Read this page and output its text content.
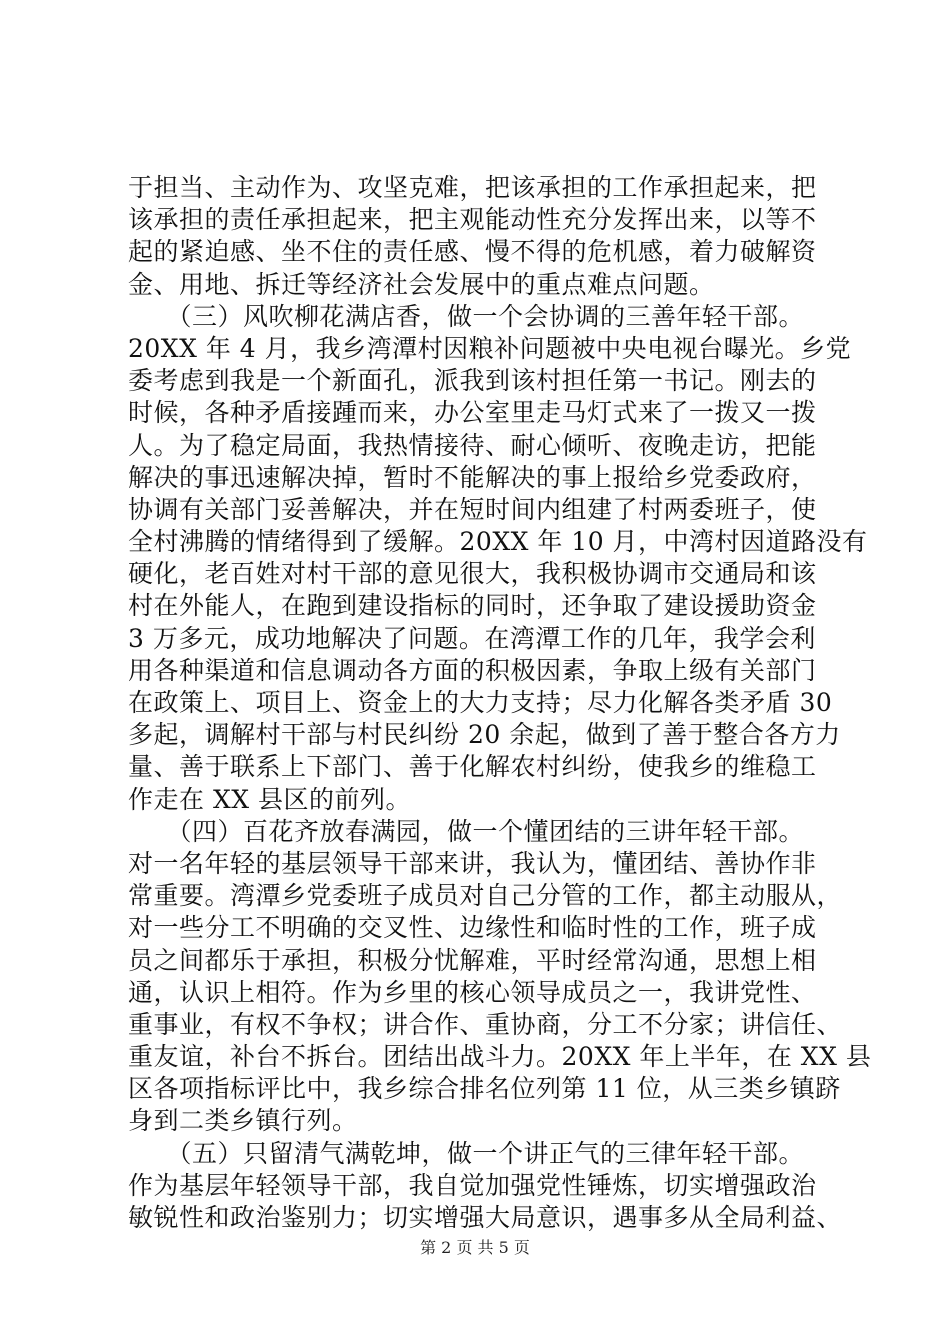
于担当、主动作为、攻坚克难，把该承担的工作承担起来，把
该承担的责任承担起来，把主观能动性充分发挥出来，以等不
起的紧迫感、坐不住的责任感、慢不得的危机感，着力破解资
金、用地、拆迁等经济社会发展中的重点难点问题。
　　（三）风吹柳花满店香，做一个会协调的三善年轻干部。
20XX 年 4 月，我乡湾潭村因粮补问题被中央电视台曝光。乡党
委考虑到我是一个新面孔，派我到该村担任第一书记。刚去的
时候，各种矛盾接踵而来，办公室里走马灯式来了一拨又一拨
人。为了稳定局面，我热情接待、耐心倾听、夜晚走访，把能
解决的事迅速解决掉，暂时不能解决的事上报给乡党委政府，
协调有关部门妥善解决，并在短时间内组建了村两委班子，使
全村沸腾的情绪得到了缓解。20XX 年 10 月，中湾村因道路没有
硬化，老百姓对村干部的意见很大，我积极协调市交通局和该
村在外能人，在跑到建设指标的同时，还争取了建设援助资金
3 万多元，成功地解决了问题。在湾潭工作的几年，我学会利
用各种渠道和信息调动各方面的积极因素，争取上级有关部门
在政策上、项目上、资金上的大力支持；尽力化解各类矛盾 30
多起，调解村干部与村民纠纷 20 余起，做到了善于整合各方力
量、善于联系上下部门、善于化解农村纠纷，使我乡的维稳工
作走在 XX 县区的前列。
　　（四）百花齐放春满园，做一个懂团结的三讲年轻干部。
对一名年轻的基层领导干部来讲，我认为，懂团结、善协作非
常重要。湾潭乡党委班子成员对自己分管的工作，都主动服从，
对一些分工不明确的交叉性、边缘性和临时性的工作，班子成
员之间都乐于承担，积极分忧解难，平时经常沟通，思想上相
通，认识上相符。作为乡里的核心领导成员之一，我讲党性、
重事业，有权不争权；讲合作、重协商，分工不分家；讲信任、
重友谊，补台不拆台。团结出战斗力。20XX 年上半年，在 XX 县
区各项指标评比中，我乡综合排名位列第 11 位，从三类乡镇跻
身到二类乡镇行列。
　　（五）只留清气满乾坤，做一个讲正气的三律年轻干部。
作为基层年轻领导干部，我自觉加强党性锤炼，切实增强政治
敏锐性和政治鉴别力；切实增强大局意识，遇事多从全局利益、
第 2 页 共 5 页
